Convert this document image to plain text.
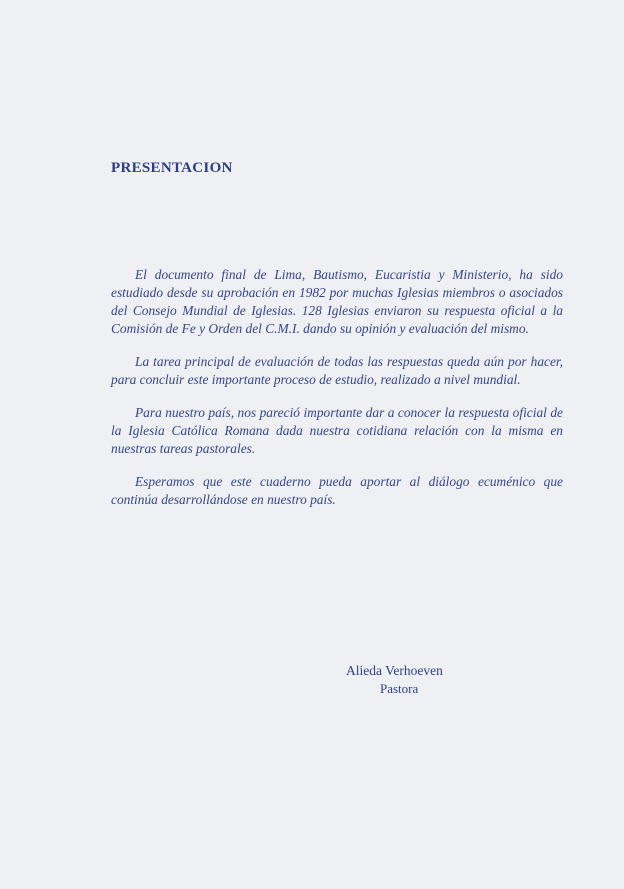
PRESENTACION

El documento final de Lima, Bautismo, Eucaristia y Ministerio, ha sido estudiado desde su aprobación en 1982 por muchas Iglesias miembros o asociados del Consejo Mundial de Iglesias. 128 Iglesias enviaron su respuesta oficial a la Comisión de Fe y Orden del C.M.I. dando su opinión y evaluación del mismo.

La tarea principal de evaluación de todas las respuestas queda aún por hacer, para concluir este importante proceso de estudio, realizado a nivel mundial.

Para nuestro país, nos pareció importante dar a conocer la respuesta oficial de la Iglesia Católica Romana dada nuestra cotidiana relación con la misma en nuestras tareas pastorales.

Esperamos que este cuaderno pueda aportar al diálogo ecuménico que continúa desarrollándose en nuestro país.

Alieda Verhoeven
Pastora
